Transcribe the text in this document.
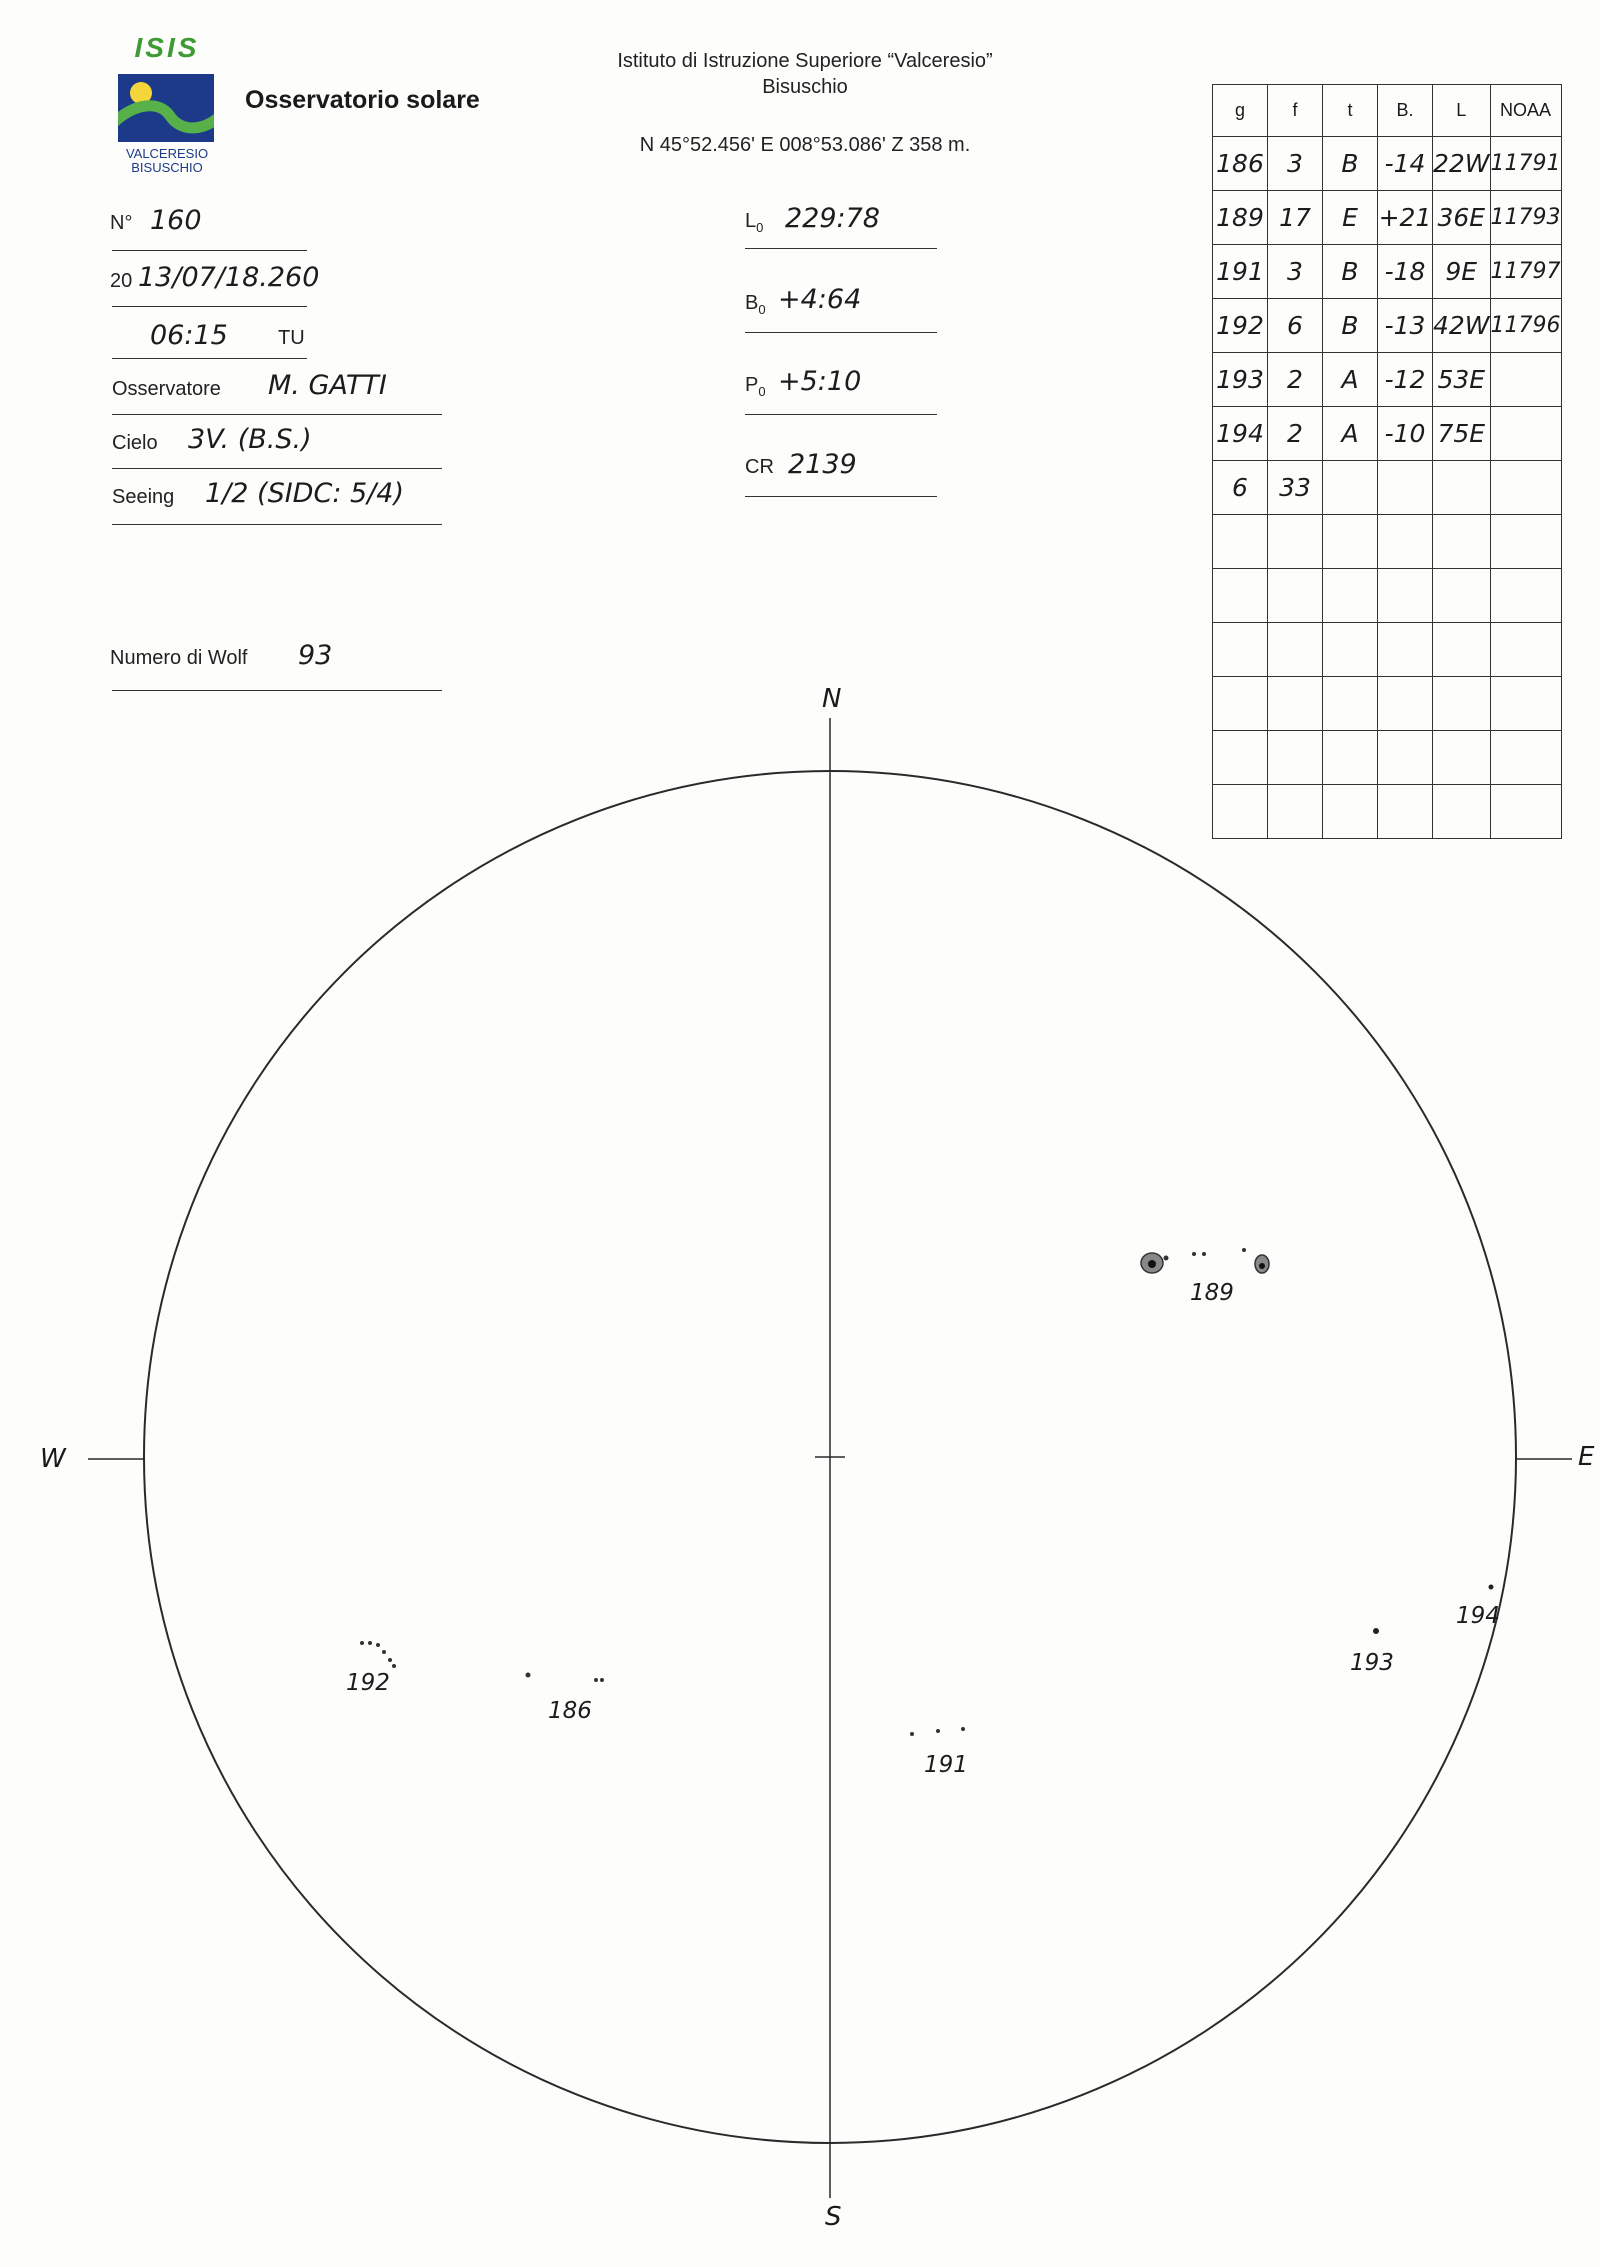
ISIS
VALCERESIO
BISUSCHIO
Osservatorio solare
Istituto di Istruzione Superiore “Valceresio”
Bisuschio
N 45°52.456' E 008°53.086' Z 358 m.
N° 160
20 13/07/18.260
06:15	TU
Osservatore M. GATTI
Cielo 3V. (B.S.)
Seeing 1/2 (SIDC: 5/4)
Numero di Wolf 93
$L_0$ 229:78
$B_0$ +4:64
$P_0$ +5:10
CR 2139
g	f	t	B.	L	NOAA
186	3	B	-14	22W	11791
189	17	E	+21	36E	11793
191	3	B	-18	9E	11797
192	6	B	-13	42W	11796
193	2	A	-12	53E	
194	2	A	-10	75E	
6	33				

N
S
W	E
189
192
186
191
193
194
